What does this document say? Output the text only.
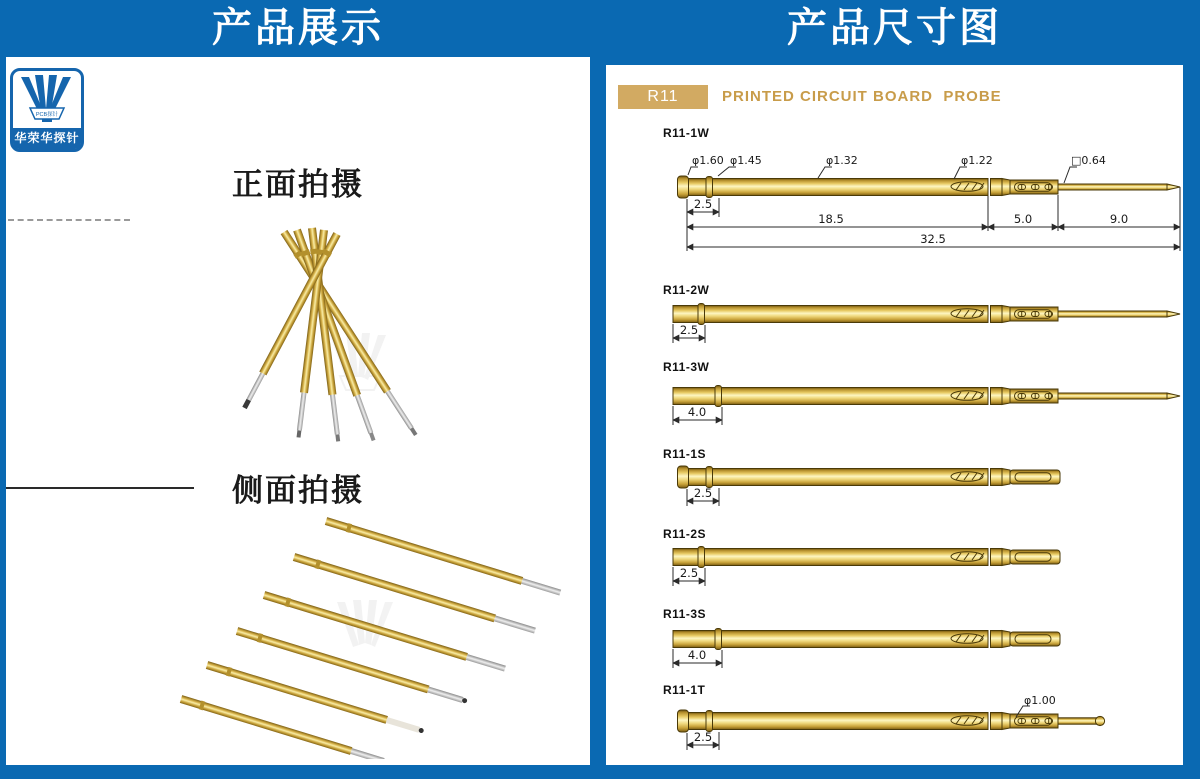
产品展示	产品尺寸图
PCB探针
华荣华探针
正面拍摄
侧面拍摄
R11	PRINTED CIRCUIT BOARD  PROBE
R11-1W
R11-2W
R11-3W
R11-1S
R11-2S
R11-3S
R11-1T
φ1.60 φ1.45	φ1.32	φ1.22	□0.64
2.5
18.5	5.0	9.0
32.5
2.5
4.0
2.5
2.5
4.0
φ1.00
2.5
